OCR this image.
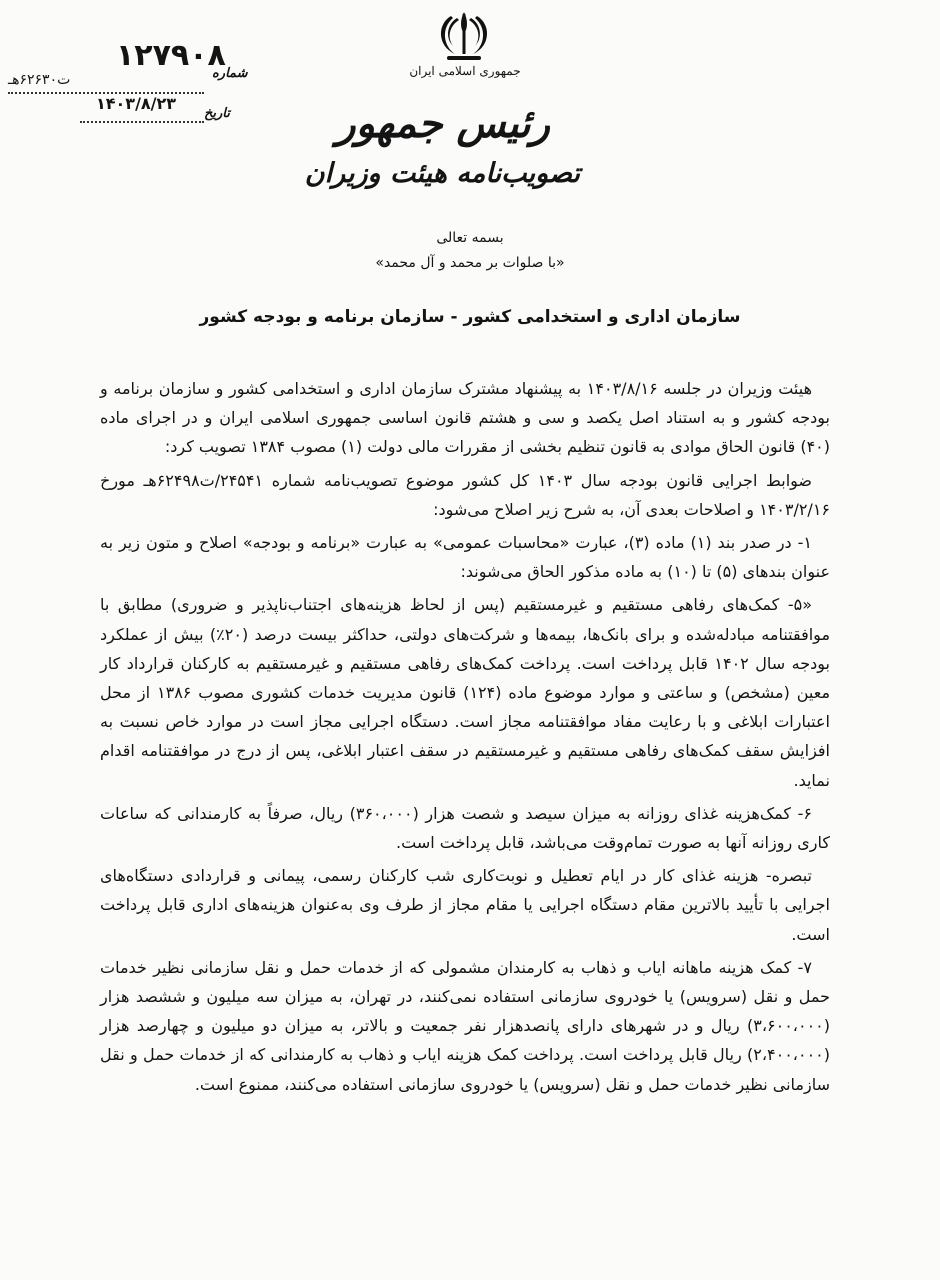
جمهوری اسلامی ایران
رئیس جمهور
تصویب‌نامه هیئت وزیران
۱۲۷۹۰۸
شماره
ت‌۶۲۶۳۰هـ
۱۴۰۳/۸/۲۳
تاریخ
بسمه تعالی
«با صلوات بر محمد و آل محمد»
سازمان اداری و استخدامی کشور - سازمان برنامه و بودجه کشور

هیئت وزیران در جلسه ۱۴۰۳/۸/۱۶ به پیشنهاد مشترک سازمان اداری و استخدامی کشور و سازمان برنامه و بودجه کشور و به استناد اصل یکصد و سی و هشتم قانون اساسی جمهوری اسلامی ایران و در اجرای ماده (۴۰) قانون الحاق موادی به قانون تنظیم بخشی از مقررات مالی دولت (۱) مصوب ۱۳۸۴ تصویب کرد:

ضوابط اجرایی قانون بودجه سال ۱۴۰۳ کل کشور موضوع تصویب‌نامه شماره ۲۴۵۴۱/ت۶۲۴۹۸هـ مورخ ۱۴۰۳/۲/۱۶ و اصلاحات بعدی آن، به شرح زیر اصلاح می‌شود:

۱- در صدر بند (۱) ماده (۳)، عبارت «محاسبات عمومی» به عبارت «برنامه و بودجه» اصلاح و متون زیر به عنوان بندهای (۵) تا (۱۰) به ماده مذکور الحاق می‌شوند:

«۵- کمک‌های رفاهی مستقیم و غیرمستقیم (پس از لحاظ هزینه‌های اجتناب‌ناپذیر و ضروری) مطابق با موافقتنامه مبادله‌شده و برای بانک‌ها، بیمه‌ها و شرکت‌های دولتی، حداکثر بیست درصد (۲۰٪) بیش از عملکرد بودجه سال ۱۴۰۲ قابل پرداخت است. پرداخت کمک‌های رفاهی مستقیم و غیرمستقیم به کارکنان قرارداد کار معین (مشخص) و ساعتی و موارد موضوع ماده (۱۲۴) قانون مدیریت خدمات کشوری مصوب ۱۳۸۶ از محل اعتبارات ابلاغی و با رعایت مفاد موافقتنامه مجاز است. دستگاه اجرایی مجاز است در موارد خاص نسبت به افزایش سقف کمک‌های رفاهی مستقیم و غیرمستقیم در سقف اعتبار ابلاغی، پس از درج در موافقتنامه اقدام نماید.

۶- کمک‌هزینه غذای روزانه به میزان سیصد و شصت هزار (۳۶۰،۰۰۰) ریال، صرفاً به کارمندانی که ساعات کاری روزانه آنها به صورت تمام‌وقت می‌باشد، قابل پرداخت است.

تبصره- هزینه غذای کار در ایام تعطیل و نوبت‌کاری شب کارکنان رسمی، پیمانی و قراردادی دستگاه‌های اجرایی با تأیید بالاترین مقام دستگاه اجرایی یا مقام مجاز از طرف وی به‌عنوان هزینه‌های اداری قابل پرداخت است.

۷- کمک هزینه ماهانه ایاب و ذهاب به کارمندان مشمولی که از خدمات حمل و نقل سازمانی نظیر خدمات حمل و نقل (سرویس) یا خودروی سازمانی استفاده نمی‌کنند، در تهران، به میزان سه میلیون و ششصد هزار (۳،۶۰۰،۰۰۰) ریال و در شهرهای دارای پانصدهزار نفر جمعیت و بالاتر، به میزان دو میلیون و چهارصد هزار (۲،۴۰۰،۰۰۰) ریال قابل پرداخت است. پرداخت کمک هزینه ایاب و ذهاب به کارمندانی که از خدمات حمل و نقل سازمانی نظیر خدمات حمل و نقل (سرویس) یا خودروی سازمانی استفاده می‌کنند، ممنوع است.
